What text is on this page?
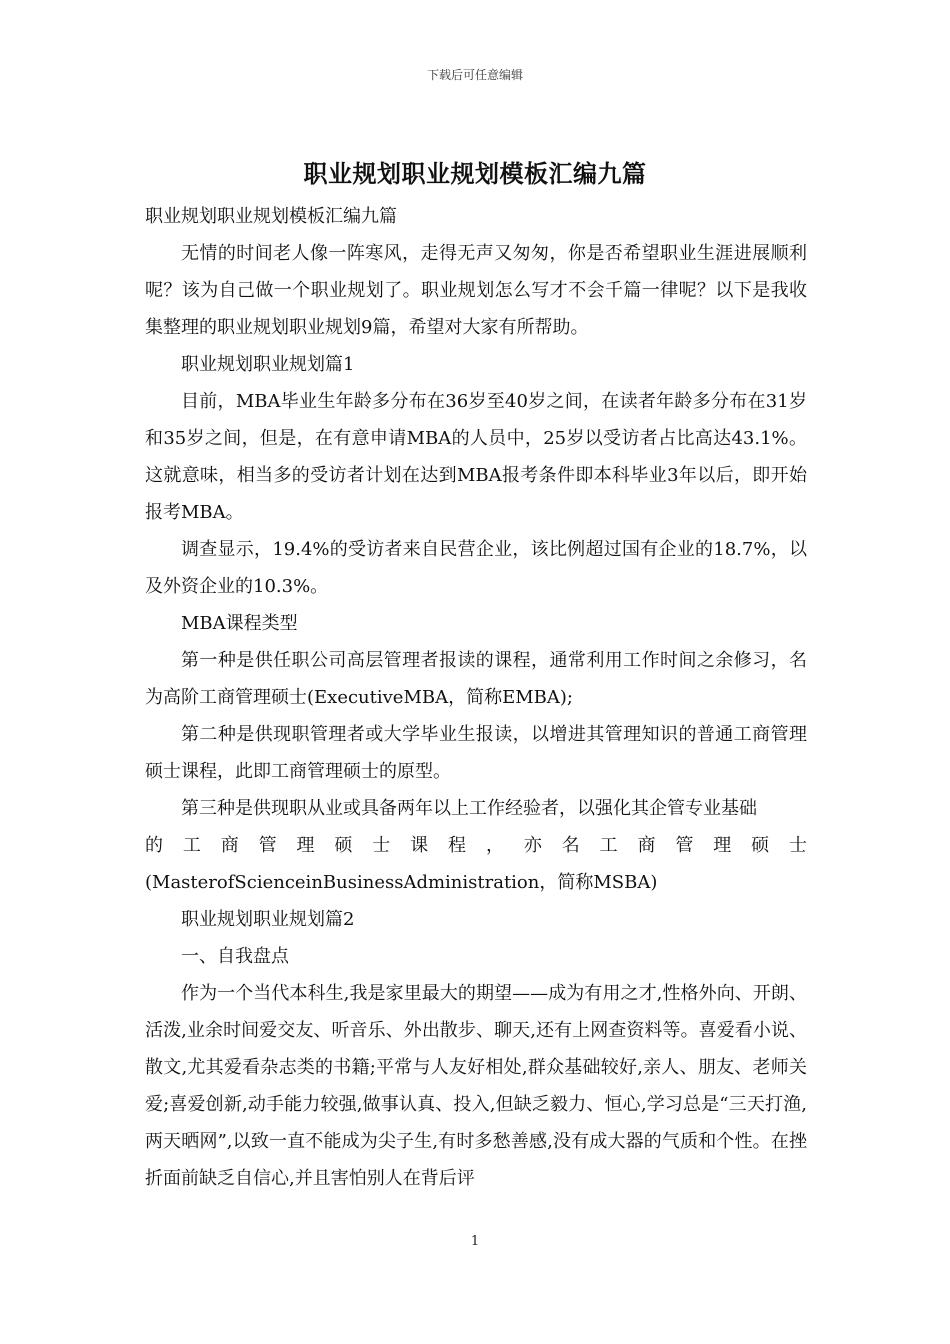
下载后可任意编辑
职业规划职业规划模板汇编九篇

职业规划职业规划模板汇编九篇

无情的时间老人像一阵寒风，走得无声又匆匆，你是否希望职业生涯进展顺利呢？该为自己做一个职业规划了。职业规划怎么写才不会千篇一律呢？以下是我收集整理的职业规划职业规划9篇，希望对大家有所帮助。

职业规划职业规划篇1

目前，MBA毕业生年龄多分布在36岁至40岁之间，在读者年龄多分布在31岁和35岁之间，但是，在有意申请MBA的人员中，25岁以受访者占比高达43.1%。这就意味，相当多的受访者计划在达到MBA报考条件即本科毕业3年以后，即开始报考MBA。

调查显示，19.4%的受访者来自民营企业，该比例超过国有企业的18.7%，以及外资企业的10.3%。

MBA课程类型

第一种是供任职公司高层管理者报读的课程，通常利用工作时间之余修习，名为高阶工商管理硕士(ExecutiveMBA，简称EMBA);

第二种是供现职管理者或大学毕业生报读，以增进其管理知识的普通工商管理硕士课程，此即工商管理硕士的原型。

第三种是供现职从业或具备两年以上工作经验者，以强化其企管专业基础

的工商管理硕士课程，亦名工商管理硕士

(MasterofScienceinBusinessAdministration，简称MSBA)

职业规划职业规划篇2

一、自我盘点

作为一个当代本科生,我是家里最大的期望——成为有用之才,性格外向、开朗、活泼,业余时间爱交友、听音乐、外出散步、聊天,还有上网查资料等。喜爱看小说、散文,尤其爱看杂志类的书籍;平常与人友好相处,群众基础较好,亲人、朋友、老师关爱;喜爱创新,动手能力较强,做事认真、投入,但缺乏毅力、恒心,学习总是“三天打渔,两天晒网”,以致一直不能成为尖子生,有时多愁善感,没有成大器的气质和个性。在挫折面前缺乏自信心,并且害怕别人在背后评

1
